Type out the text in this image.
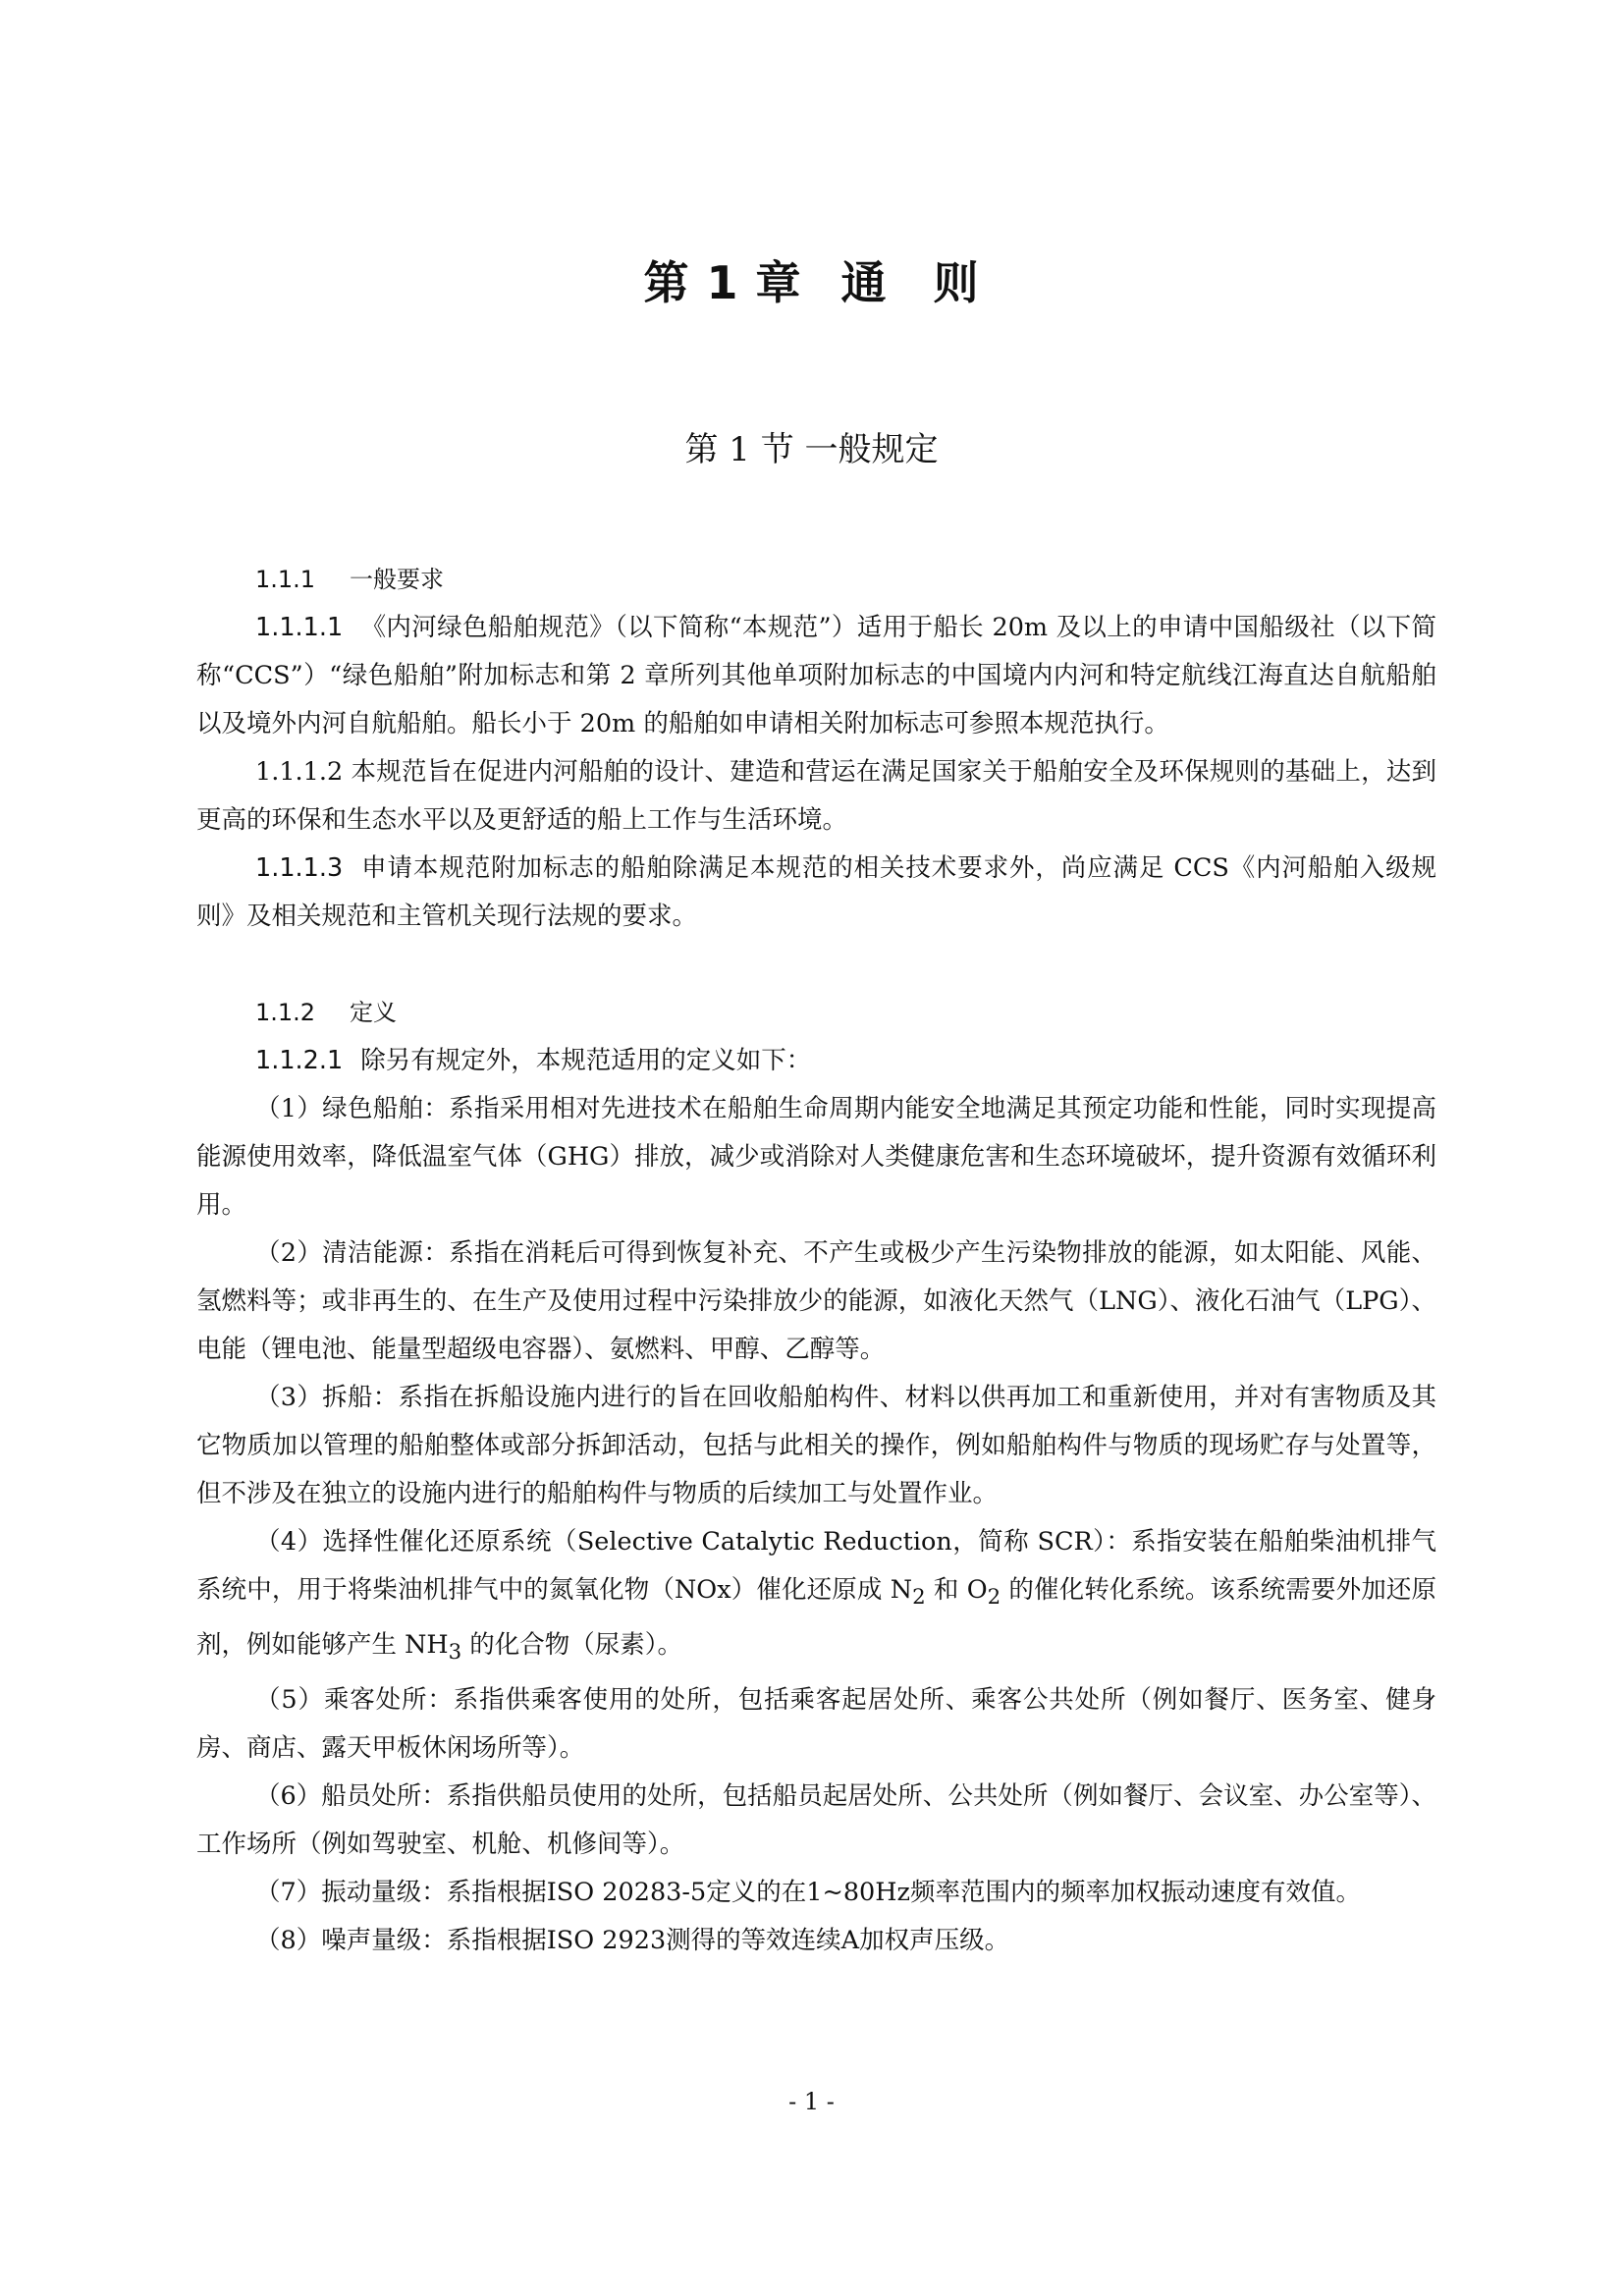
第 1 章 通　则
第 1 节 一般规定

1.1.1 一般要求

1.1.1.1 《内河绿色船舶规范》（以下简称“本规范”）适用于船长 20m 及以上的申请中国船级社（以下简称“CCS”）“绿色船舶”附加标志和第 2 章所列其他单项附加标志的中国境内内河和特定航线江海直达自航船舶以及境外内河自航船舶。船长小于 20m 的船舶如申请相关附加标志可参照本规范执行。

1.1.1.2 本规范旨在促进内河船舶的设计、建造和营运在满足国家关于船舶安全及环保规则的基础上，达到更高的环保和生态水平以及更舒适的船上工作与生活环境。

1.1.1.3 申请本规范附加标志的船舶除满足本规范的相关技术要求外，尚应满足 CCS《内河船舶入级规则》及相关规范和主管机关现行法规的要求。

1.1.2 定义

1.1.2.1 除另有规定外，本规范适用的定义如下：

（1）绿色船舶：系指采用相对先进技术在船舶生命周期内能安全地满足其预定功能和性能，同时实现提高能源使用效率，降低温室气体（GHG）排放，减少或消除对人类健康危害和生态环境破坏，提升资源有效循环利用。

（2）清洁能源：系指在消耗后可得到恢复补充、不产生或极少产生污染物排放的能源，如太阳能、风能、氢燃料等；或非再生的、在生产及使用过程中污染排放少的能源，如液化天然气（LNG）、液化石油气（LPG）、电能（锂电池、能量型超级电容器）、氨燃料、甲醇、乙醇等。

（3）拆船：系指在拆船设施内进行的旨在回收船舶构件、材料以供再加工和重新使用，并对有害物质及其它物质加以管理的船舶整体或部分拆卸活动，包括与此相关的操作，例如船舶构件与物质的现场贮存与处置等，但不涉及在独立的设施内进行的船舶构件与物质的后续加工与处置作业。

（4）选择性催化还原系统（Selective Catalytic Reduction，简称 SCR）：系指安装在船舶柴油机排气系统中，用于将柴油机排气中的氮氧化物（NOx）催化还原成 $N_2$ 和 $O_2$ 的催化转化系统。该系统需要外加还原剂，例如能够产生 $NH_3$ 的化合物（尿素）。

（5）乘客处所：系指供乘客使用的处所，包括乘客起居处所、乘客公共处所（例如餐厅、医务室、健身房、商店、露天甲板休闲场所等）。

（6）船员处所：系指供船员使用的处所，包括船员起居处所、公共处所（例如餐厅、会议室、办公室等）、工作场所（例如驾驶室、机舱、机修间等）。

（7）振动量级：系指根据ISO 20283-5定义的在1~80Hz频率范围内的频率加权振动速度有效值。

（8）噪声量级：系指根据ISO 2923测得的等效连续A加权声压级。

- 1 -
